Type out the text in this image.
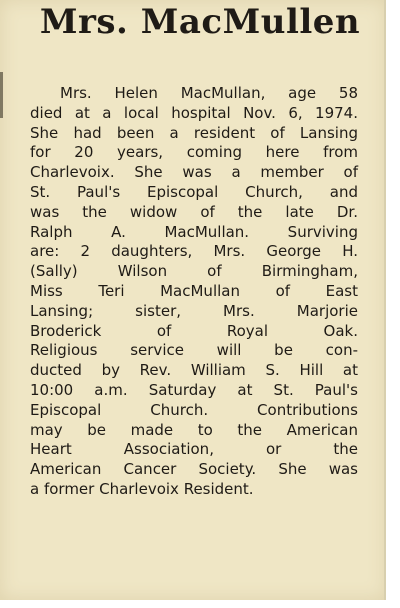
Mrs. MacMullen
Mrs. Helen MacMullan, age 58
died at a local hospital Nov. 6, 1974.
She had been a resident of Lansing
for 20 years, coming here from
Charlevoix. She was a member of
St. Paul's Episcopal Church, and
was the widow of the late Dr.
Ralph A. MacMullan. Surviving
are: 2 daughters, Mrs. George H.
(Sally) Wilson of Birmingham,
Miss Teri MacMullan of East
Lansing; sister, Mrs. Marjorie
Broderick of Royal Oak.
Religious service will be con-
ducted by Rev. William S. Hill at
10:00 a.m. Saturday at St. Paul's
Episcopal Church. Contributions
may be made to the American
Heart Association, or the
American Cancer Society. She was
a former Charlevoix Resident.
